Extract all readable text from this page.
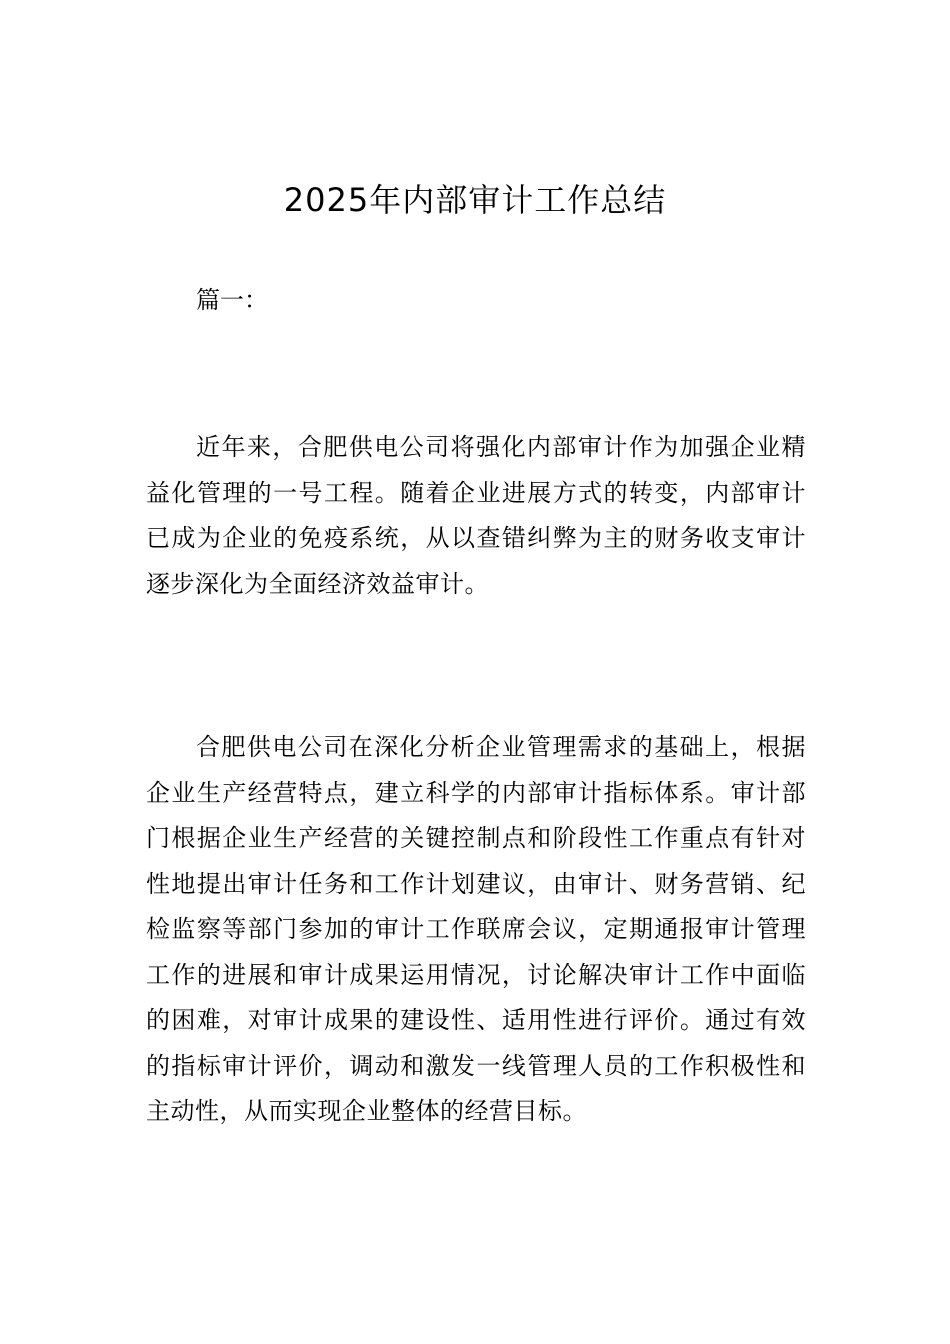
2025年内部审计工作总结

篇一：

近年来，合肥供电公司将强化内部审计作为加强企业精益化管理的一号工程。随着企业进展方式的转变，内部审计已成为企业的免疫系统，从以查错纠弊为主的财务收支审计逐步深化为全面经济效益审计。

合肥供电公司在深化分析企业管理需求的基础上，根据企业生产经营特点，建立科学的内部审计指标体系。审计部门根据企业生产经营的关键控制点和阶段性工作重点有针对性地提出审计任务和工作计划建议，由审计、财务营销、纪检监察等部门参加的审计工作联席会议，定期通报审计管理工作的进展和审计成果运用情况，讨论解决审计工作中面临的困难，对审计成果的建设性、适用性进行评价。通过有效的指标审计评价，调动和激发一线管理人员的工作积极性和主动性，从而实现企业整体的经营目标。
